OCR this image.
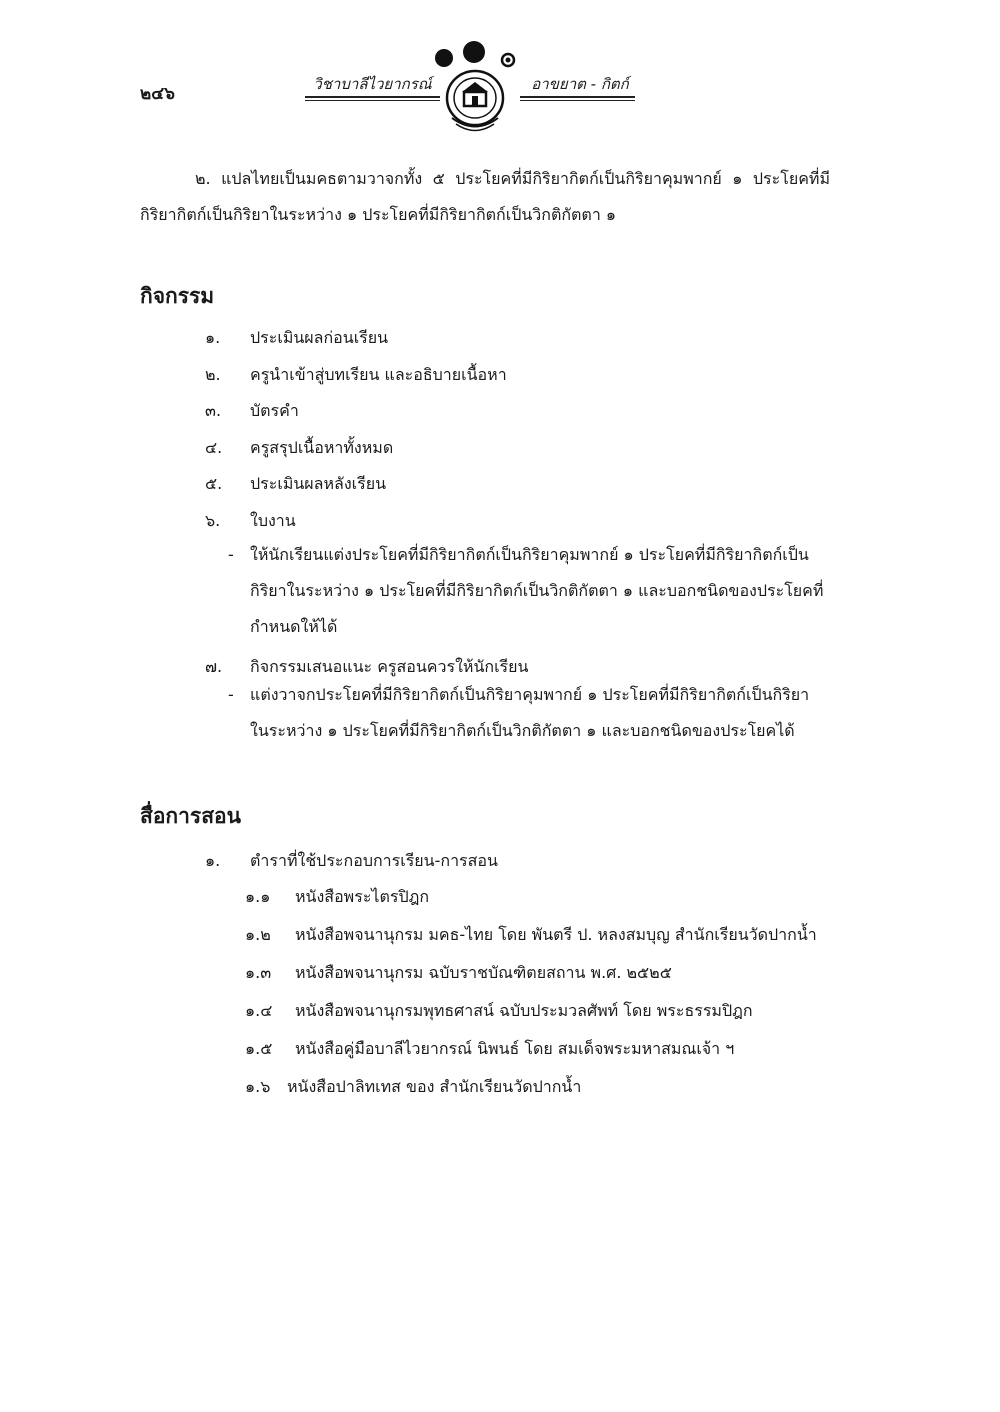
๒๔๖	วิชาบาลีไวยากรณ์	อาขยาต - กิตก์

๒. แปลไทยเป็นมคธตามวาจกทั้ง ๕ ประโยคที่มีกิริยากิตก์เป็นกิริยาคุมพากย์ ๑ ประโยคที่มีกิริยากิตก์เป็นกิริยาในระหว่าง ๑ ประโยคที่มีกิริยากิตก์เป็นวิกติกัตตา ๑

กิจกรรม
๑. ประเมินผลก่อนเรียน
๒. ครูนำเข้าสู่บทเรียน และอธิบายเนื้อหา
๓. บัตรคำ
๔. ครูสรุปเนื้อหาทั้งหมด
๕. ประเมินผลหลังเรียน
๖. ใบงาน
๗. กิจกรรมเสนอแนะ ครูสอนควรให้นักเรียน
- ให้นักเรียนแต่งประโยคที่มีกิริยากิตก์เป็นกิริยาคุมพากย์ ๑ ประโยคที่มีกิริยากิตก์เป็นกิริยาในระหว่าง ๑ ประโยคที่มีกิริยากิตก์เป็นวิกติกัตตา ๑ และบอกชนิดของประโยคที่กำหนดให้ได้
- แต่งวาจกประโยคที่มีกิริยากิตก์เป็นกิริยาคุมพากย์ ๑ ประโยคที่มีกิริยากิตก์เป็นกิริยาในระหว่าง ๑ ประโยคที่มีกิริยากิตก์เป็นวิกติกัตตา ๑ และบอกชนิดของประโยคได้
สื่อการสอน
๑. ตำราที่ใช้ประกอบการเรียน-การสอน
๑.๑ หนังสือพระไตรปิฎก
๑.๒ หนังสือพจนานุกรม มคธ-ไทย โดย พันตรี ป. หลงสมบุญ สำนักเรียนวัดปากน้ำ
๑.๓ หนังสือพจนานุกรม ฉบับราชบัณฑิตยสถาน พ.ศ. ๒๕๒๕
๑.๔ หนังสือพจนานุกรมพุทธศาสน์ ฉบับประมวลศัพท์ โดย พระธรรมปิฎก
๑.๕ หนังสือคู่มือบาลีไวยากรณ์ นิพนธ์ โดย สมเด็จพระมหาสมณเจ้า ฯ
๑.๖ หนังสือปาลิทเทส ของ สำนักเรียนวัดปากน้ำ
